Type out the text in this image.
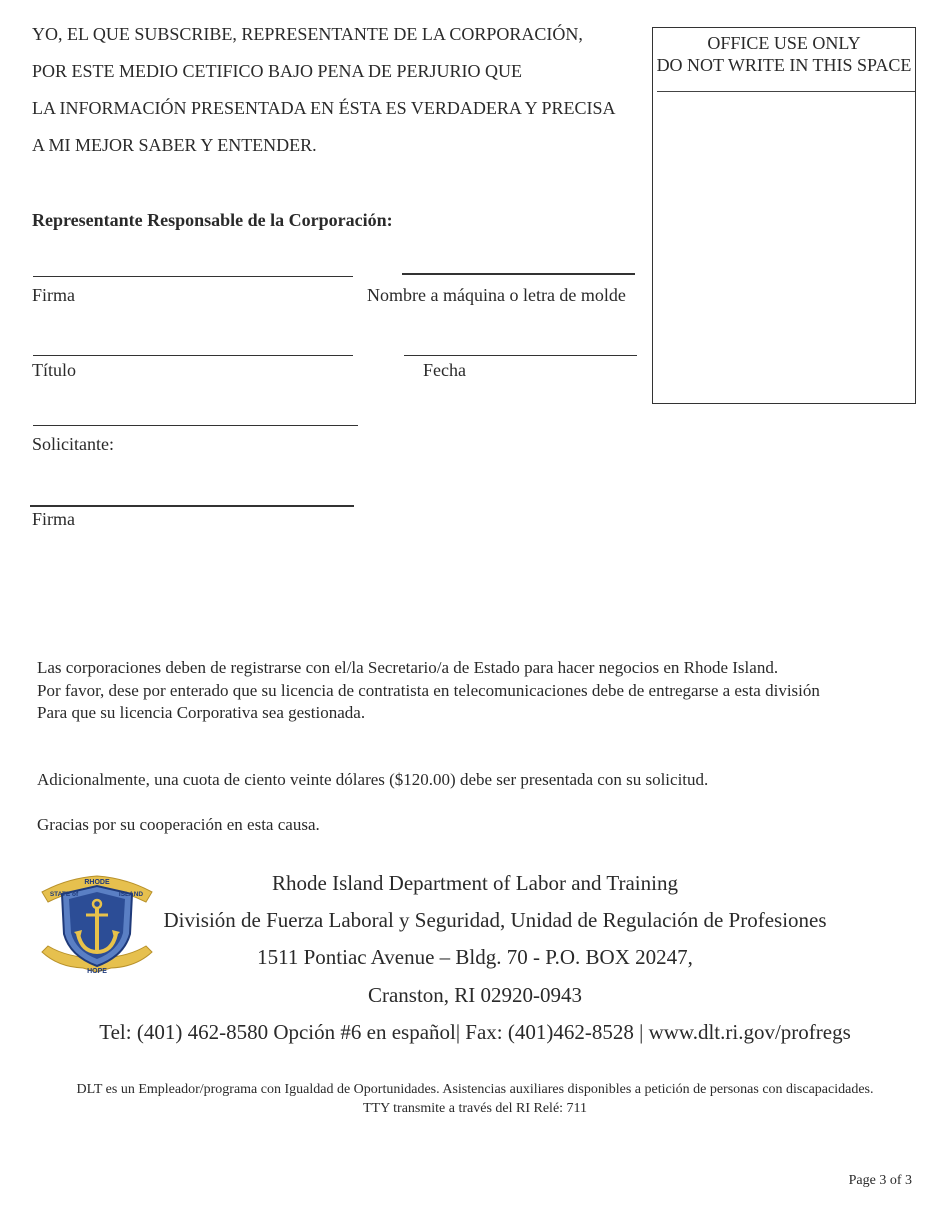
YO, EL QUE SUBSCRIBE, REPRESENTANTE DE LA CORPORACIÓN,
POR ESTE MEDIO CETIFICO BAJO PENA DE PERJURIO QUE
LA INFORMACIÓN PRESENTADA EN ÉSTA ES VERDADERA Y PRECISA
A MI MEJOR SABER Y ENTENDER.
OFFICE USE ONLY
DO NOT WRITE IN THIS SPACE
Representante Responsable de la Corporación:
Firma	Nombre a máquina o letra de molde
Título	Fecha
Solicitante:
Firma
Las corporaciones deben de registrarse con el/la Secretario/a de Estado para hacer negocios en Rhode Island.
Por favor, dese por enterado que su licencia de contratista en telecomunicaciones debe de entregarse a esta división
Para que su licencia Corporativa sea gestionada.
Adicionalmente, una cuota de ciento veinte dólares ($120.00) debe ser presentada con su solicitud.
Gracias por su cooperación en esta causa.
Rhode Island Department of Labor and Training
División de Fuerza Laboral y Seguridad, Unidad de Regulación de Profesiones
1511 Pontiac Avenue – Bldg. 70 - P.O. BOX 20247,
Cranston, RI 02920-0943
Tel: (401) 462-8580 Opción #6 en español| Fax: (401)462-8528 | www.dlt.ri.gov/profregs
RHODE
STATE of	ISLAND
HOPE
DLT es un Empleador/programa con Igualdad de Oportunidades. Asistencias auxiliares disponibles a petición de personas con discapacidades.
TTY transmite a través del RI Relé: 711
Page 3 of 3
